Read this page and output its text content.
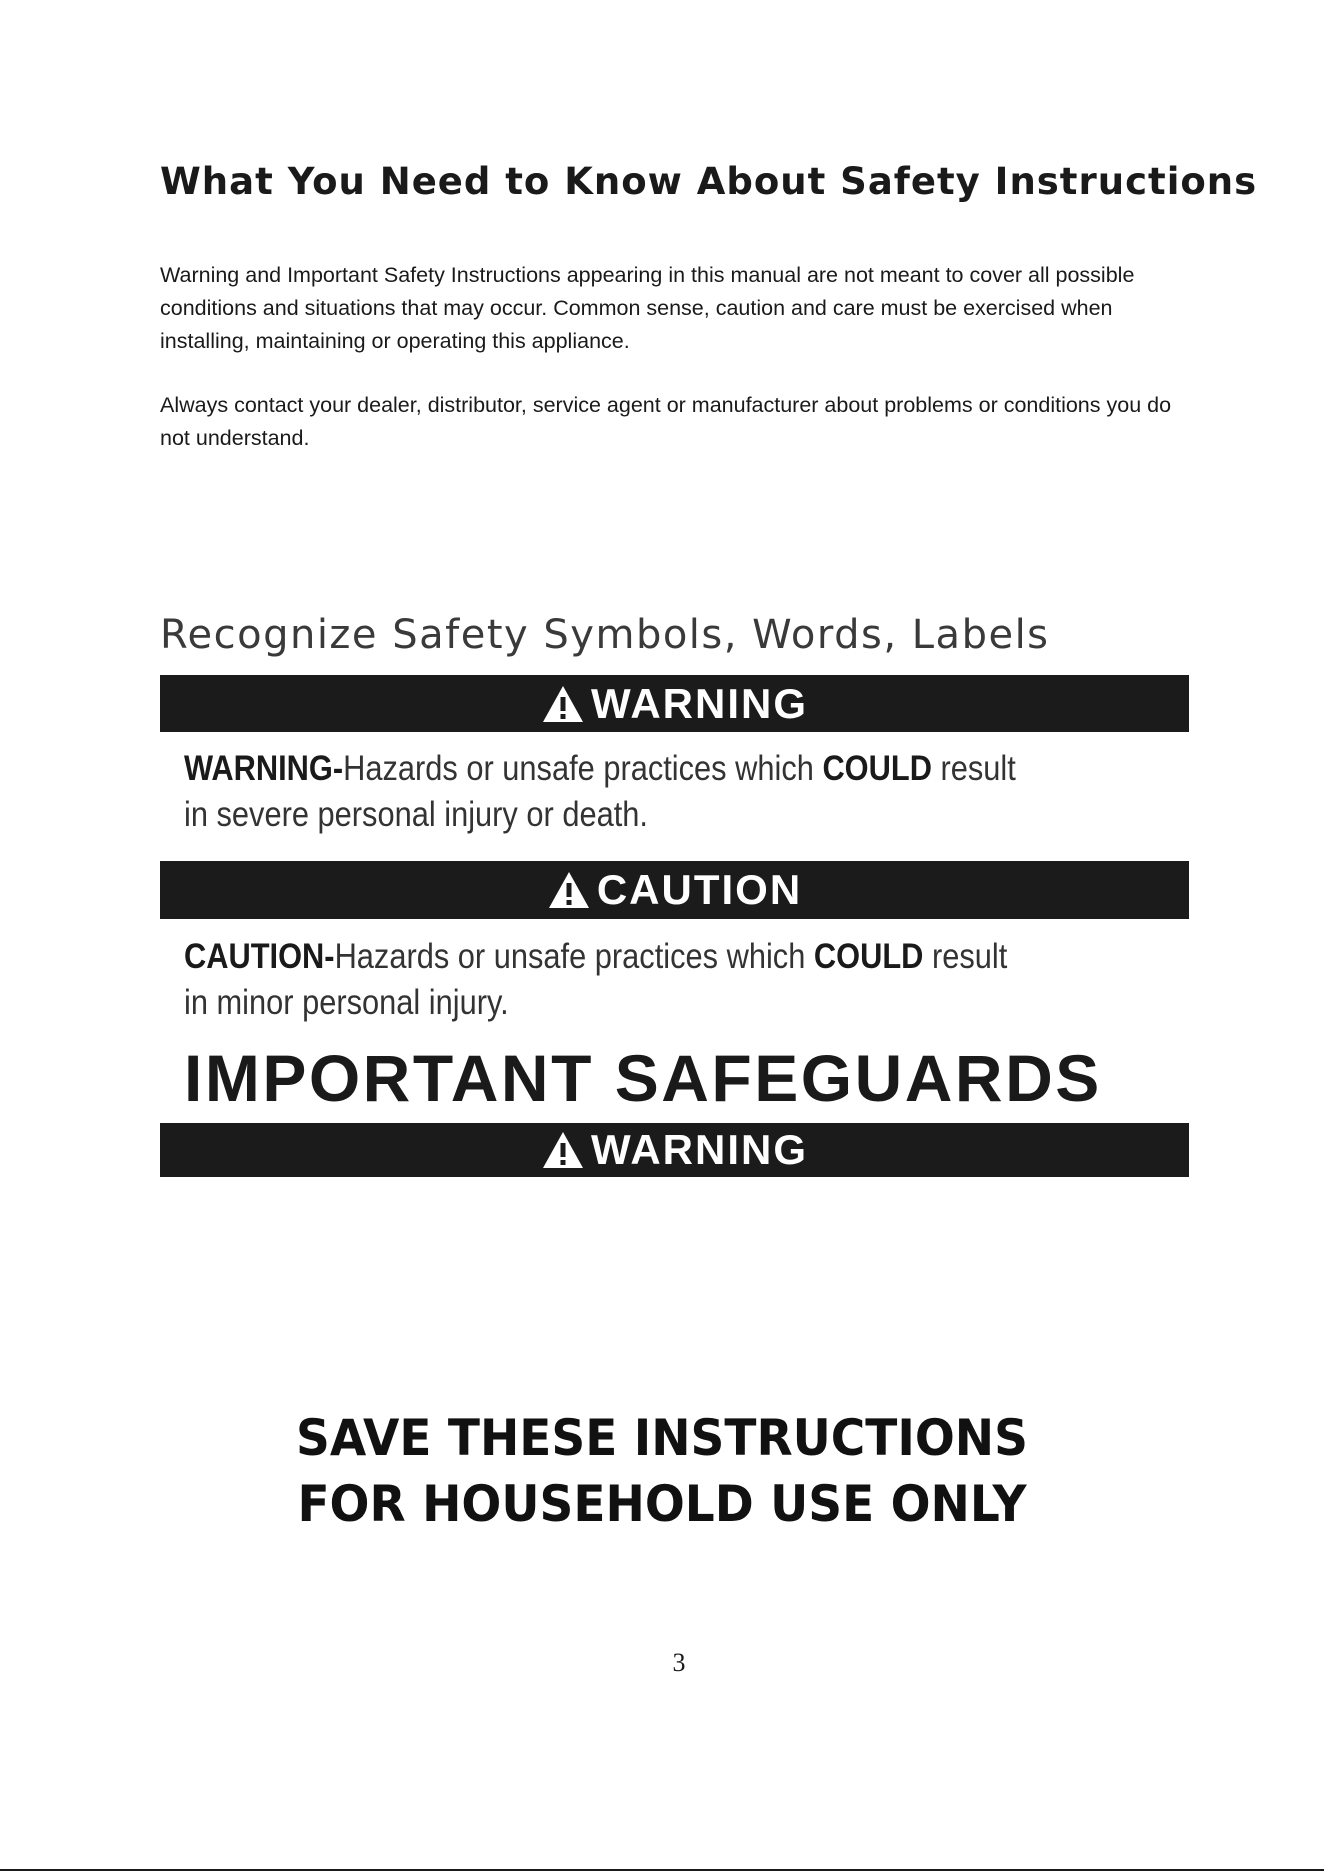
What You Need to Know About Safety Instructions

Warning and Important Safety Instructions appearing in this manual are not meant to cover all possible conditions and situations that may occur. Common sense, caution and care must be exercised when installing, maintaining or operating this appliance.

Always contact your dealer, distributor, service agent or manufacturer about problems or conditions you do not understand.

Recognize Safety Symbols, Words, Labels
WARNING

WARNING-Hazards or unsafe practices which COULD result
in severe personal injury or death.

CAUTION

CAUTION-Hazards or unsafe practices which COULD result
in minor personal injury.

IMPORTANT SAFEGUARDS
WARNING
SAVE THESE INSTRUCTIONS
FOR HOUSEHOLD USE ONLY
3
